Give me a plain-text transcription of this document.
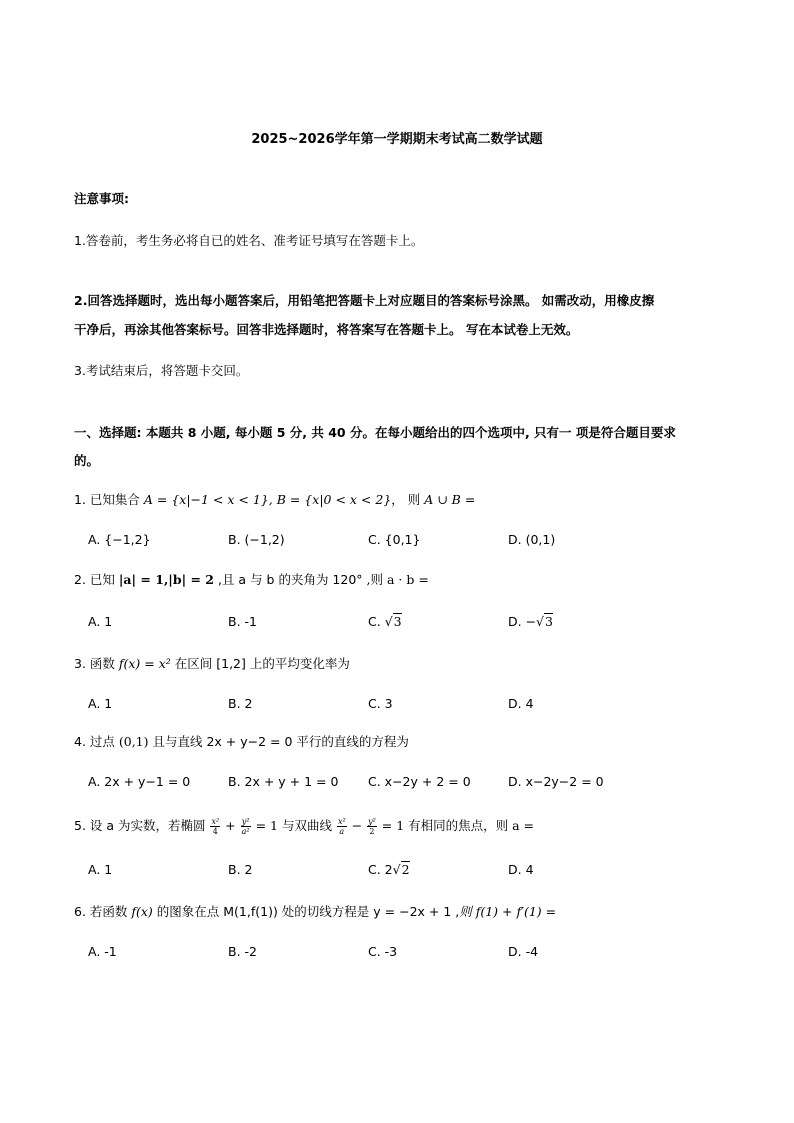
2025~2026学年第一学期期末考试高二数学试题
注意事项:
1.答卷前，考生务必将自已的姓名、准考证号填写在答题卡上。
2.回答选择题时，选出每小题答案后，用铅笔把答题卡上对应题目的答案标号涂黑。 如需改动，用橡皮擦
干净后，再涂其他答案标号。回答非选择题时，将答案写在答题卡上。 写在本试卷上无效。
3.考试结束后，将答题卡交回。
一、选择题: 本题共 8 小题, 每小题 5 分, 共 40 分。在每小题给出的四个选项中, 只有一 项是符合题目要求
的。
1. 已知集合 A = {x|−1 < x < 1}, B = {x|0 < x < 2}， 则 A ∪ B =
A. {−1,2}	B. (−1,2)	C. {0,1}	D. (0,1)
2. 已知 |a| = 1,|b| = 2 ,且 a 与 b 的夹角为 120° ,则 a · b =
A. 1	B. -1	C. √3	D. −√3
3. 函数 f(x) = x² 在区间 [1,2] 上的平均变化率为
A. 1	B. 2	C. 3	D. 4
4. 过点 (0,1) 且与直线 2x + y−2 = 0 平行的直线的方程为
A. 2x + y−1 = 0	B. 2x + y + 1 = 0 C. x−2y + 2 = 0	D. x−2y−2 = 0
5. 设 a 为实数，若椭圆 $\frac{\text{x²}}{4} + \frac{\text{y²}}{\text{a²}} = 1$ 与双曲线 $\frac{\text{x²}}{a} - \frac{\text{y²}}{2} = 1$ 有相同的焦点，则 a =
A. 1	B. 2	C. 2√2	D. 4
6. 若函数 f(x) 的图象在点 M(1,f(1)) 处的切线方程是 y = −2x + 1 ,则 f(1) + f′(1) =
A. -1	B. -2	C. -3	D. -4
